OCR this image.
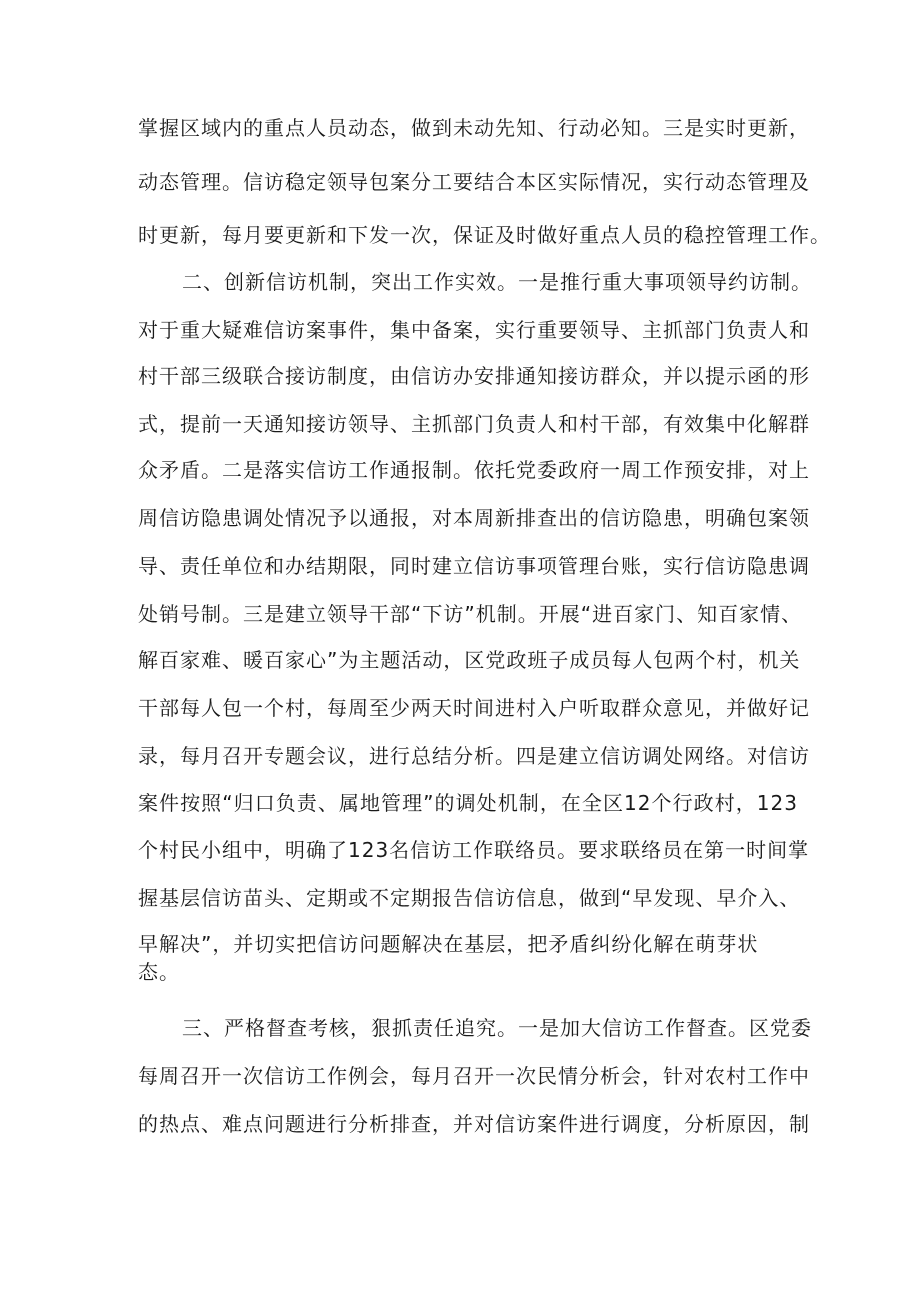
掌握区域内的重点人员动态，做到未动先知、行动必知。三是实时更新，
动态管理。信访稳定领导包案分工要结合本区实际情况，实行动态管理及
时更新，每月要更新和下发一次，保证及时做好重点人员的稳控管理工作。
二、创新信访机制，突出工作实效。一是推行重大事项领导约访制。
对于重大疑难信访案事件，集中备案，实行重要领导、主抓部门负责人和
村干部三级联合接访制度，由信访办安排通知接访群众，并以提示函的形
式，提前一天通知接访领导、主抓部门负责人和村干部，有效集中化解群
众矛盾。二是落实信访工作通报制。依托党委政府一周工作预安排，对上
周信访隐患调处情况予以通报，对本周新排查出的信访隐患，明确包案领
导、责任单位和办结期限，同时建立信访事项管理台账，实行信访隐患调
处销号制。三是建立领导干部“下访”机制。开展“进百家门、知百家情、
解百家难、暖百家心”为主题活动，区党政班子成员每人包两个村，机关
干部每人包一个村，每周至少两天时间进村入户听取群众意见，并做好记
录，每月召开专题会议，进行总结分析。四是建立信访调处网络。对信访
案件按照“归口负责、属地管理”的调处机制，在全区12个行政村，123
个村民小组中，明确了123名信访工作联络员。要求联络员在第一时间掌
握基层信访苗头、定期或不定期报告信访信息，做到“早发现、早介入、
早解决”，并切实把信访问题解决在基层，把矛盾纠纷化解在萌芽状
态。
三、严格督查考核，狠抓责任追究。一是加大信访工作督查。区党委
每周召开一次信访工作例会，每月召开一次民情分析会，针对农村工作中
的热点、难点问题进行分析排查，并对信访案件进行调度，分析原因，制
